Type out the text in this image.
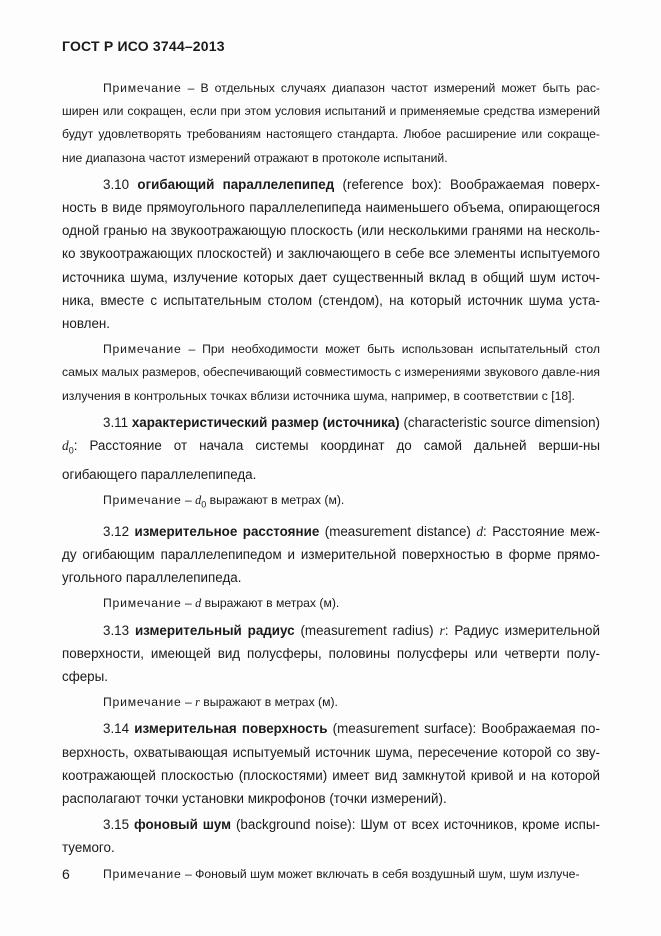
ГОСТ Р ИСО 3744–2013

Примечание – В отдельных случаях диапазон частот измерений может быть рас-ширен или сокращен, если при этом условия испытаний и применяемые средства измерений будут удовлетворять требованиям настоящего стандарта. Любое расширение или сокраще-ние диапазона частот измерений отражают в протоколе испытаний.

3.10 огибающий параллелепипед (reference box): Воображаемая поверх-ность в виде прямоугольного параллелепипеда наименьшего объема, опирающегося одной гранью на звукоотражающую плоскость (или несколькими гранями на несколь-ко звукоотражающих плоскостей) и заключающего в себе все элементы испытуемого источника шума, излучение которых дает существенный вклад в общий шум источ-ника, вместе с испытательным столом (стендом), на который источник шума уста-новлен.

Примечание – При необходимости может быть использован испытательный стол самых малых размеров, обеспечивающий совместимость с измерениями звукового давле-ния излучения в контрольных точках вблизи источника шума, например, в соответствии с [18].

3.11 характеристический размер (источника) (characteristic source dimension) $d_0$: Расстояние от начала системы координат до самой дальней верши-ны огибающего параллелепипеда.

Примечание – $d_0$ выражают в метрах (м).

3.12 измерительное расстояние (measurement distance) d: Расстояние меж-ду огибающим параллелепипедом и измерительной поверхностью в форме прямо-угольного параллелепипеда.

Примечание – d выражают в метрах (м).

3.13 измерительный радиус (measurement radius) r: Радиус измерительной поверхности, имеющей вид полусферы, половины полусферы или четверти полу-сферы.

Примечание – r выражают в метрах (м).

3.14 измерительная поверхность (measurement surface): Воображаемая по-верхность, охватывающая испытуемый источник шума, пересечение которой со зву-коотражающей плоскостью (плоскостями) имеет вид замкнутой кривой и на которой располагают точки установки микрофонов (точки измерений).

3.15 фоновый шум (background noise): Шум от всех источников, кроме испы-туемого.

Примечание – Фоновый шум может включать в себя воздушный шум, шум излуче-

6
